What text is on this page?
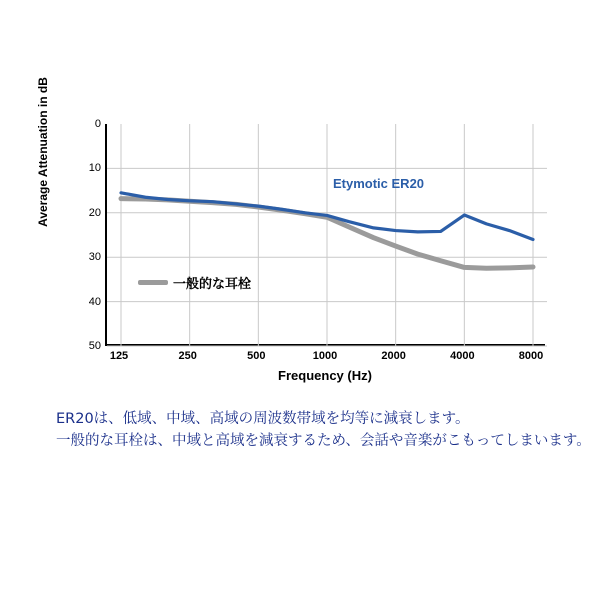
Average Attenuation in dB	0
10
20
30
40
50
125	250	500	1000	2000	4000	8000
Frequency (Hz)
Etymotic ER20
一般的な耳栓
ER20は、低域、中域、高域の周波数帯域を均等に減衰します。
一般的な耳栓は、中域と高域を減衰するため、会話や音楽がこもってしまいます。
